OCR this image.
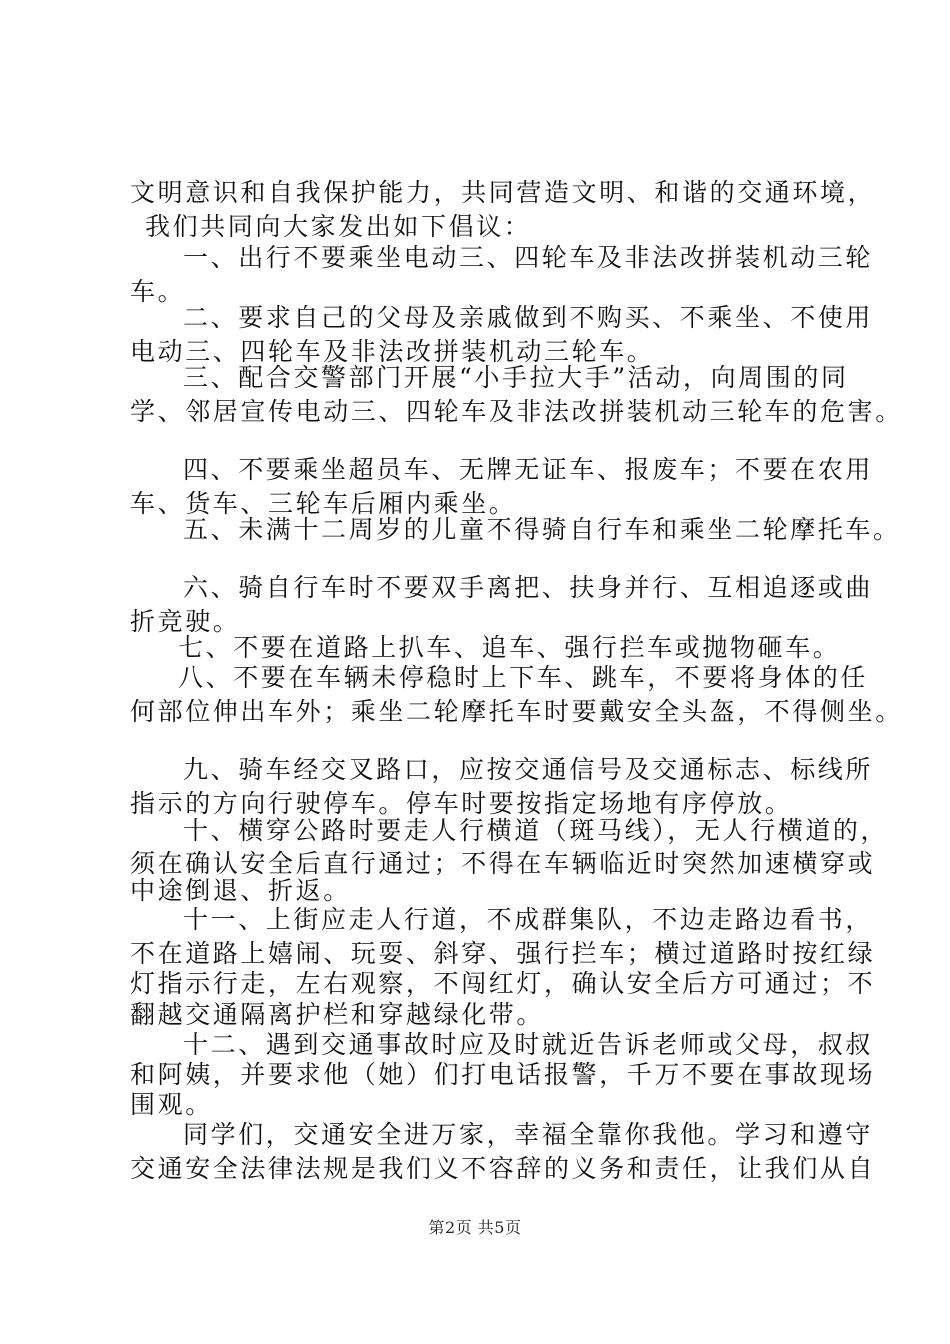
文明意识和自我保护能力，共同营造文明、和谐的交通环境，
我们共同向大家发出如下倡议：
一、出行不要乘坐电动三、四轮车及非法改拼装机动三轮
车。
二、要求自己的父母及亲戚做到不购买、不乘坐、不使用
电动三、四轮车及非法改拼装机动三轮车。
三、配合交警部门开展“小手拉大手”活动，向周围的同
学、邻居宣传电动三、四轮车及非法改拼装机动三轮车的危害。
四、不要乘坐超员车、无牌无证车、报废车；不要在农用
车、货车、三轮车后厢内乘坐。
五、未满十二周岁的儿童不得骑自行车和乘坐二轮摩托车。
六、骑自行车时不要双手离把、扶身并行、互相追逐或曲
折竞驶。
七、不要在道路上扒车、追车、强行拦车或抛物砸车。
八、不要在车辆未停稳时上下车、跳车，不要将身体的任
何部位伸出车外；乘坐二轮摩托车时要戴安全头盔，不得侧坐。
九、骑车经交叉路口，应按交通信号及交通标志、标线所
指示的方向行驶停车。停车时要按指定场地有序停放。
十、横穿公路时要走人行横道（斑马线），无人行横道的，
须在确认安全后直行通过；不得在车辆临近时突然加速横穿或
中途倒退、折返。
十一、上街应走人行道，不成群集队，不边走路边看书，
不在道路上嬉闹、玩耍、斜穿、强行拦车；横过道路时按红绿
灯指示行走，左右观察，不闯红灯，确认安全后方可通过；不
翻越交通隔离护栏和穿越绿化带。
十二、遇到交通事故时应及时就近告诉老师或父母，叔叔
和阿姨，并要求他（她）们打电话报警，千万不要在事故现场
围观。
同学们，交通安全进万家，幸福全靠你我他。学习和遵守
交通安全法律法规是我们义不容辞的义务和责任，让我们从自
第2页 共5页
